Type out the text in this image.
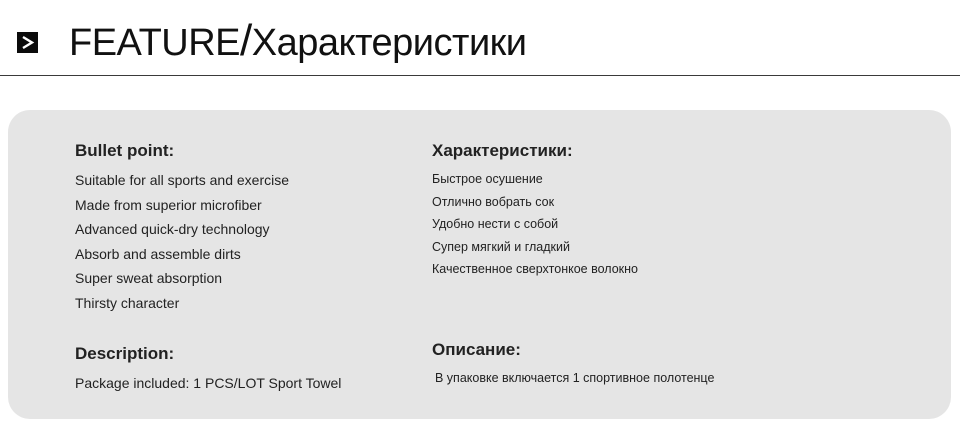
FEATURE/Характеристики
Bullet point:
Suitable for all sports and exercise
Made from superior microfiber
Advanced quick-dry technology
Absorb and assemble dirts
Super sweat absorption
Thirsty character
Характеристики:
Быстрое осушение
Отлично вобрать сок
Удобно нести с собой
Супер мягкий и гладкий
Качественное сверхтонкое волокно
Description:
Package included: 1 PCS/LOT Sport Towel
Описание:
В упаковке включается 1 спортивное полотенце
